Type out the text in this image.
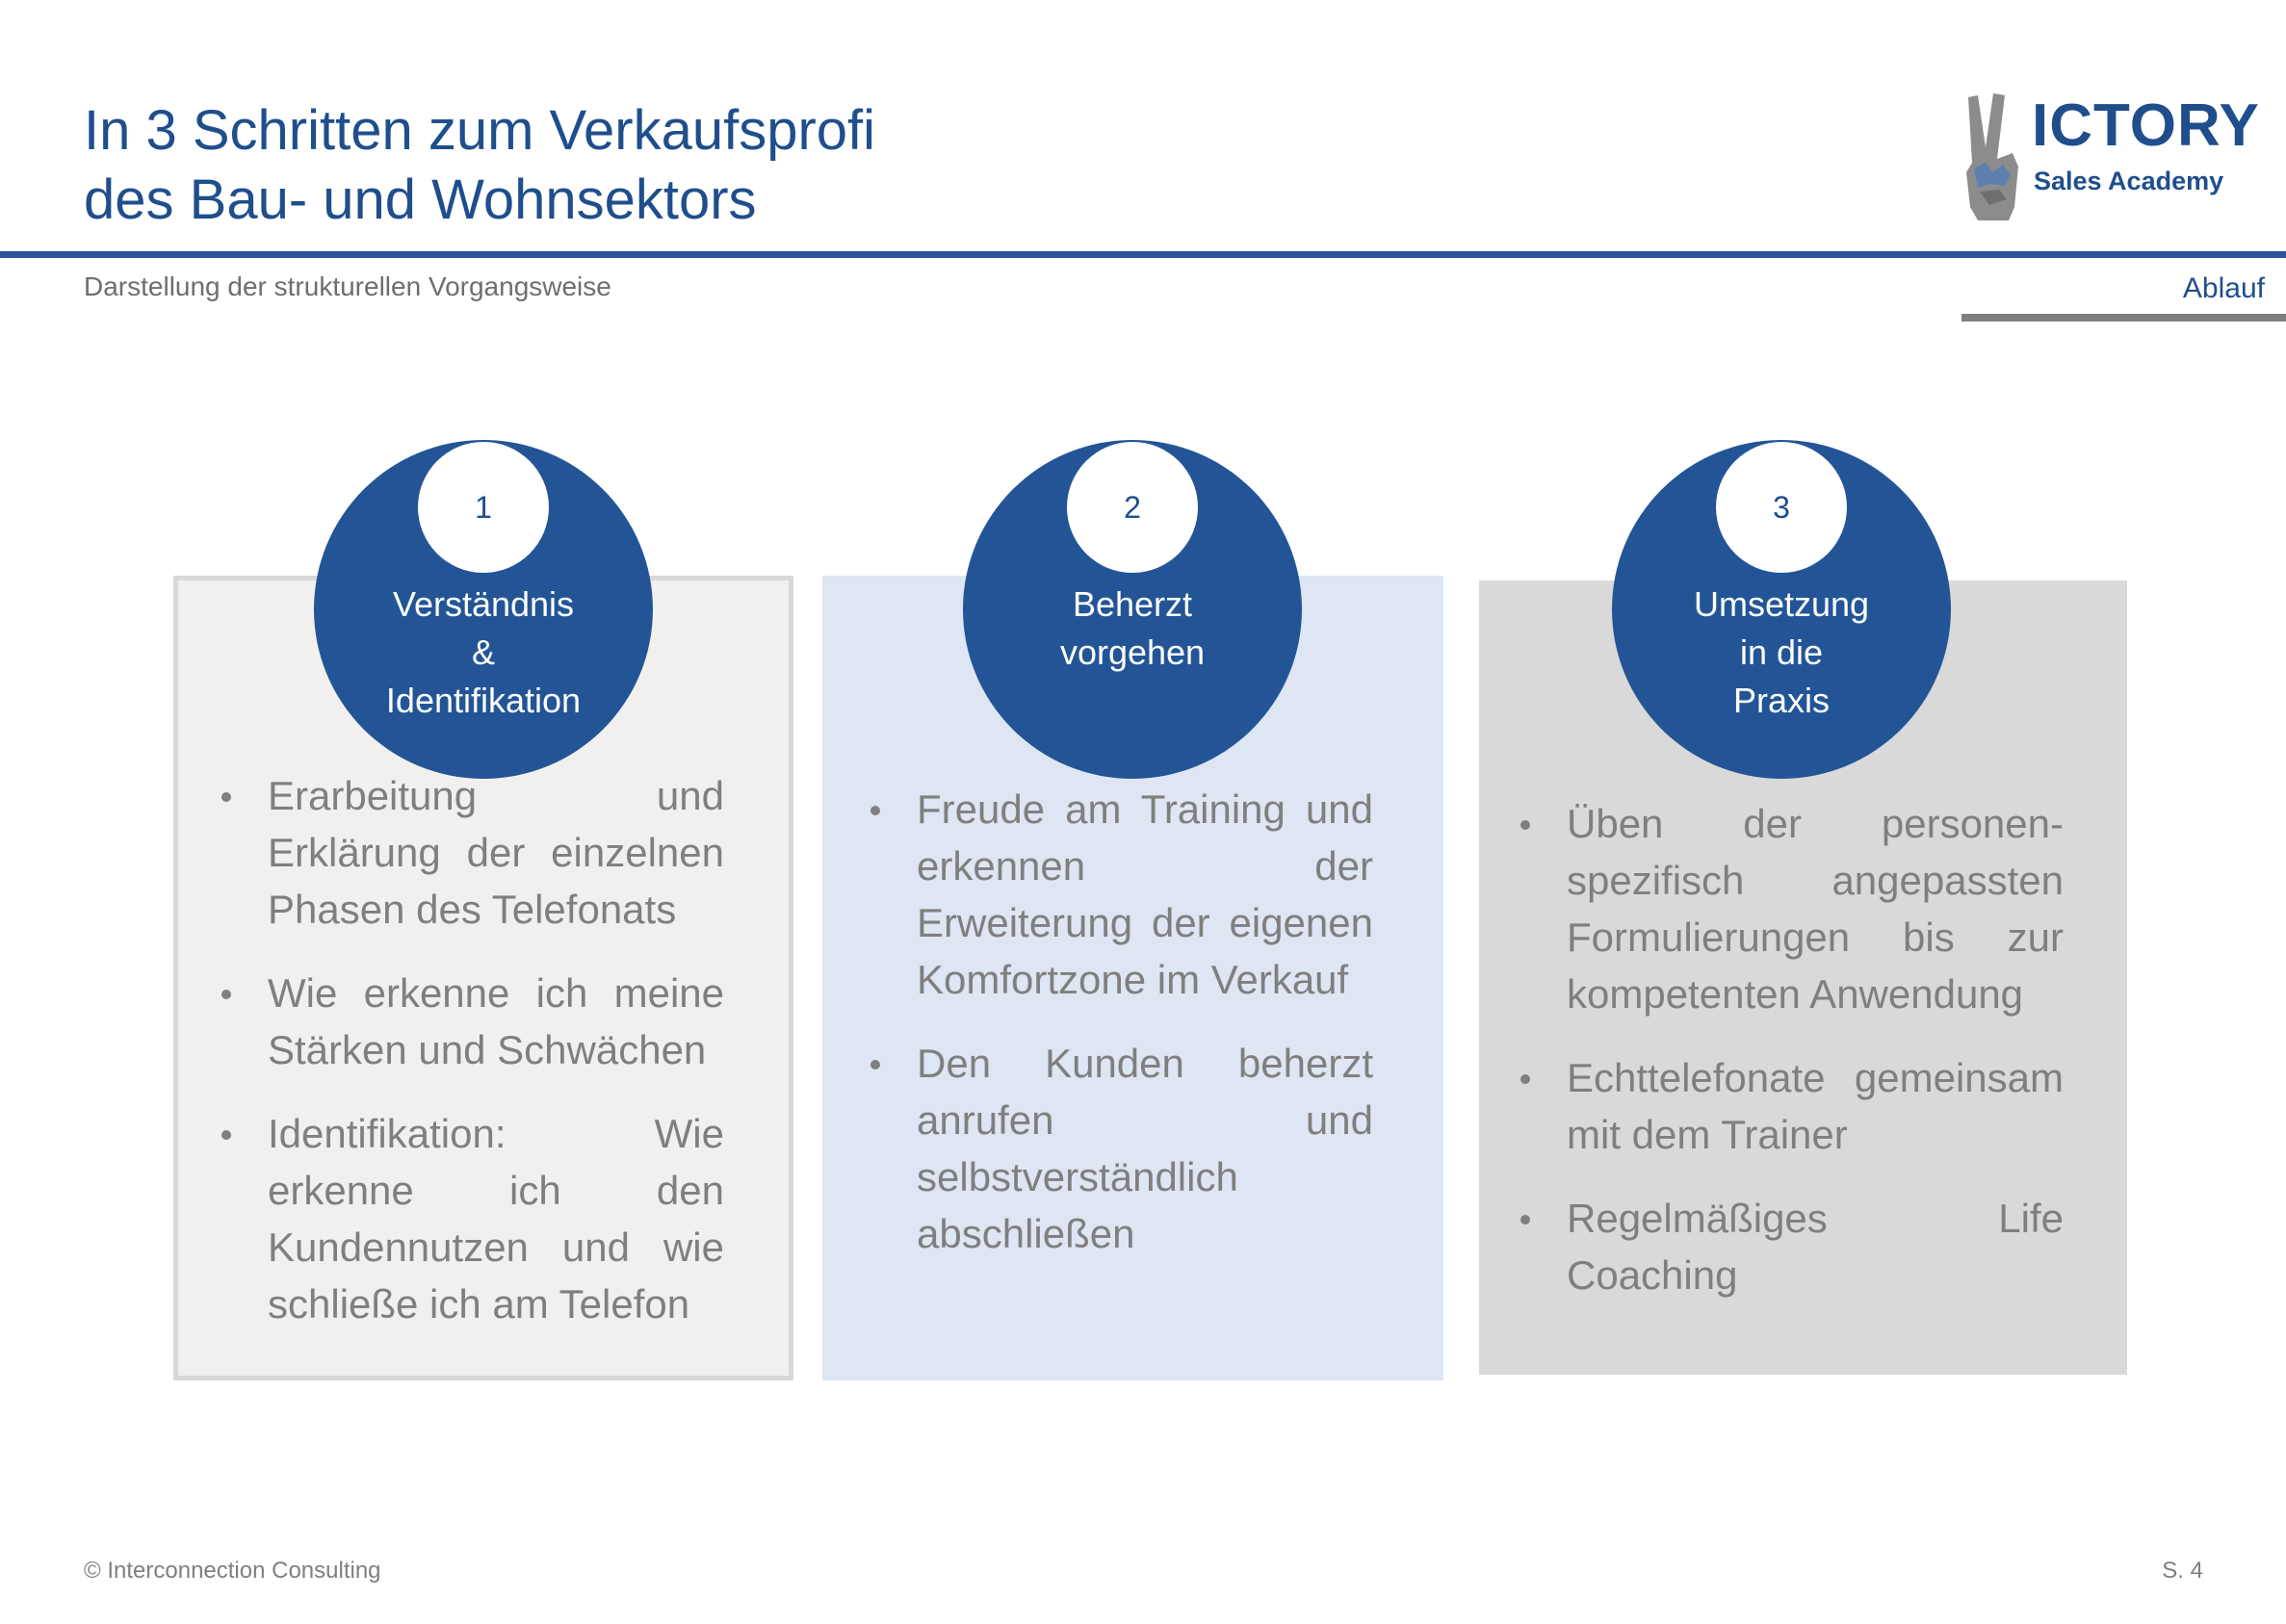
In 3 Schritten zum Verkaufsprofi
des Bau- und Wohnsektors
ICTORY
Sales Academy
Darstellung der strukturellen Vorgangsweise	Ablauf
1
Verständnis
&
Identifikation
2
Beherzt
vorgehen
3
Umsetzung
in die
Praxis
Erarbeitung und Erklärung der einzelnen Phasen des Telefonats
Wie erkenne ich meine Stärken und Schwächen
Identifikation: Wie erkenne ich den Kundennutzen und wie schließe ich am Telefon
Freude am Training und erkennen der Erweiterung der eigenen Komfortzone im Verkauf
Den Kunden beherzt anrufen und selbstverständlich abschließen
Üben der personen-spezifisch angepassten Formulierungen bis zur kompetenten Anwendung
Echttelefonate gemeinsam mit dem Trainer
Regelmäßiges Life Coaching
© Interconnection Consulting	S. 4
